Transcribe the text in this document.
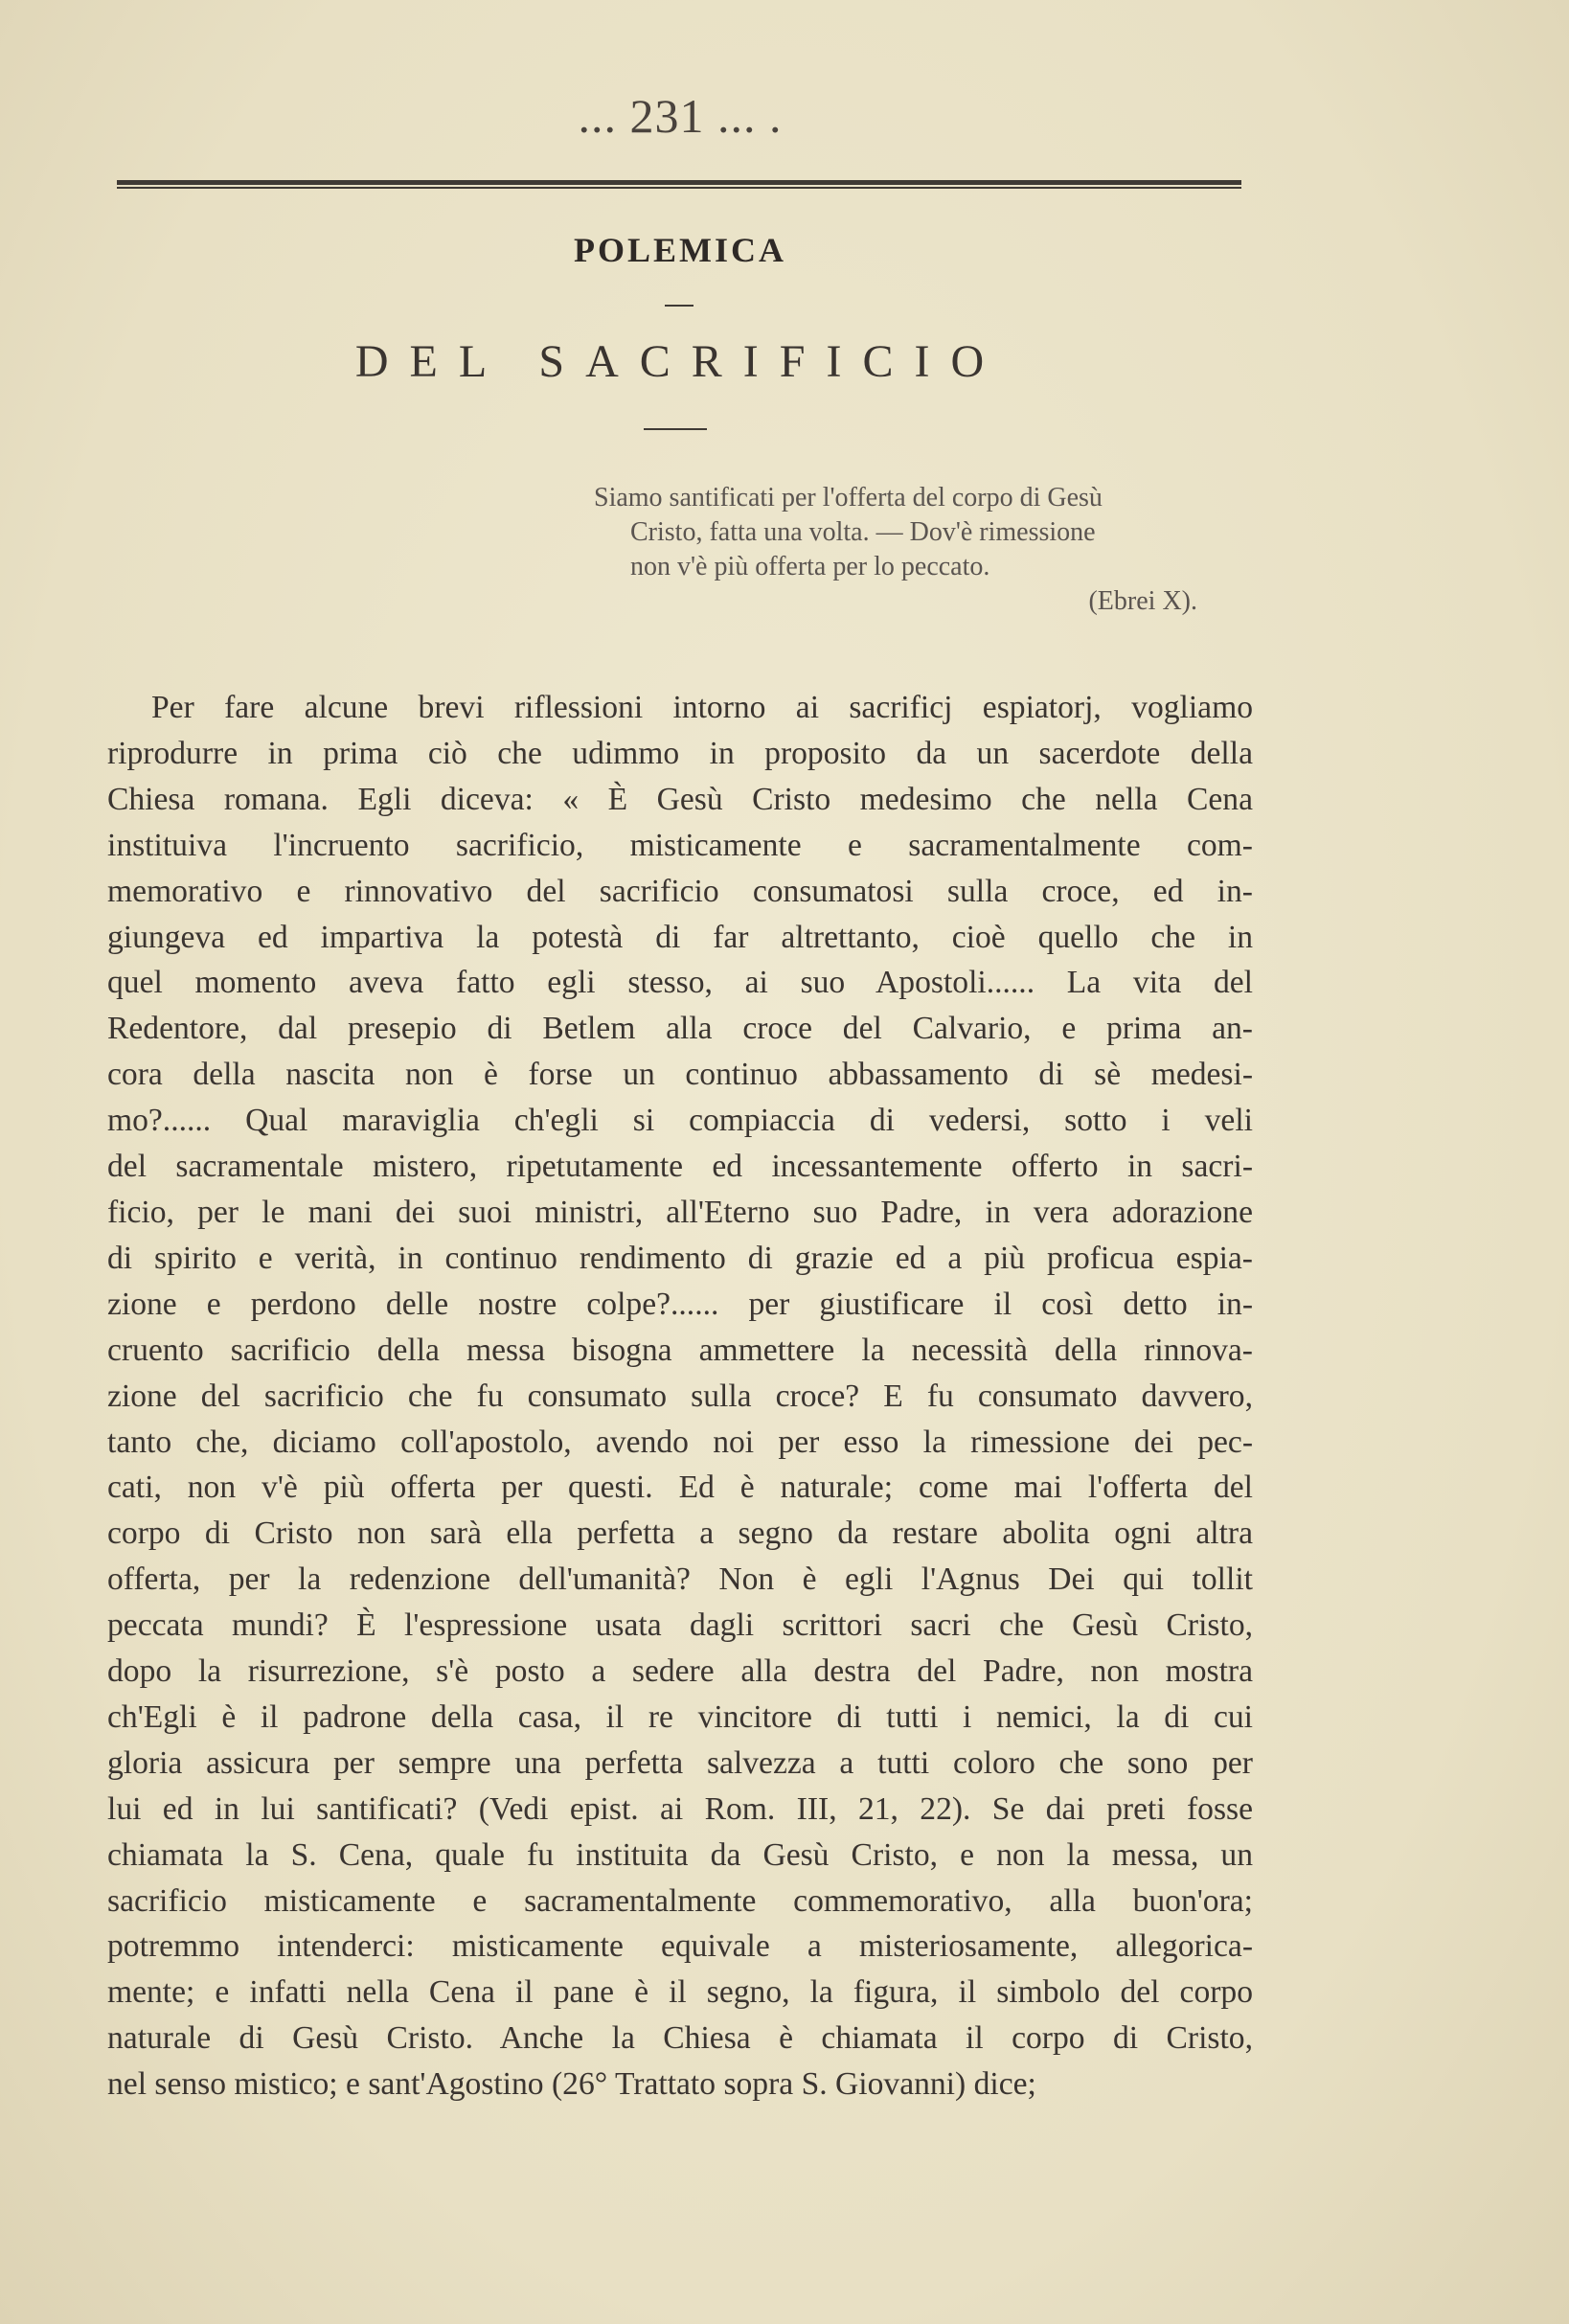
... 231 ... .
POLEMICA
DEL SACRIFICIO
Siamo santificati per l'offerta del corpo di Gesù
Cristo, fatta una volta. — Dov'è rimessione
non v'è più offerta per lo peccato.
(Ebrei X).
Per fare alcune brevi riflessioni intorno ai sacrificj espiatorj, vogliamo
riprodurre in prima ciò che udimmo in proposito da un sacerdote della
Chiesa romana. Egli diceva: « È Gesù Cristo medesimo che nella Cena
instituiva l'incruento sacrificio, misticamente e sacramentalmente com-
memorativo e rinnovativo del sacrificio consumatosi sulla croce, ed in-
giungeva ed impartiva la potestà di far altrettanto, cioè quello che in
quel momento aveva fatto egli stesso, ai suo Apostoli...... La vita del
Redentore, dal presepio di Betlem alla croce del Calvario, e prima an-
cora della nascita non è forse un continuo abbassamento di sè medesi-
mo?...... Qual maraviglia ch'egli si compiaccia di vedersi, sotto i veli
del sacramentale mistero, ripetutamente ed incessantemente offerto in sacri-
ficio, per le mani dei suoi ministri, all'Eterno suo Padre, in vera adorazione
di spirito e verità, in continuo rendimento di grazie ed a più proficua espia-
zione e perdono delle nostre colpe?...... per giustificare il così detto in-
cruento sacrificio della messa bisogna ammettere la necessità della rinnova-
zione del sacrificio che fu consumato sulla croce? E fu consumato davvero,
tanto che, diciamo coll'apostolo, avendo noi per esso la rimessione dei pec-
cati, non v'è più offerta per questi. Ed è naturale; come mai l'offerta del
corpo di Cristo non sarà ella perfetta a segno da restare abolita ogni altra
offerta, per la redenzione dell'umanità? Non è egli l'Agnus Dei qui tollit
peccata mundi? È l'espressione usata dagli scrittori sacri che Gesù Cristo,
dopo la risurrezione, s'è posto a sedere alla destra del Padre, non mostra
ch'Egli è il padrone della casa, il re vincitore di tutti i nemici, la di cui
gloria assicura per sempre una perfetta salvezza a tutti coloro che sono per
lui ed in lui santificati? (Vedi epist. ai Rom. III, 21, 22). Se dai preti fosse
chiamata la S. Cena, quale fu instituita da Gesù Cristo, e non la messa, un
sacrificio misticamente e sacramentalmente commemorativo, alla buon'ora;
potremmo intenderci: misticamente equivale a misteriosamente, allegorica-
mente; e infatti nella Cena il pane è il segno, la figura, il simbolo del corpo
naturale di Gesù Cristo. Anche la Chiesa è chiamata il corpo di Cristo,
nel senso mistico; e sant'Agostino (26° Trattato sopra S. Giovanni) dice;
